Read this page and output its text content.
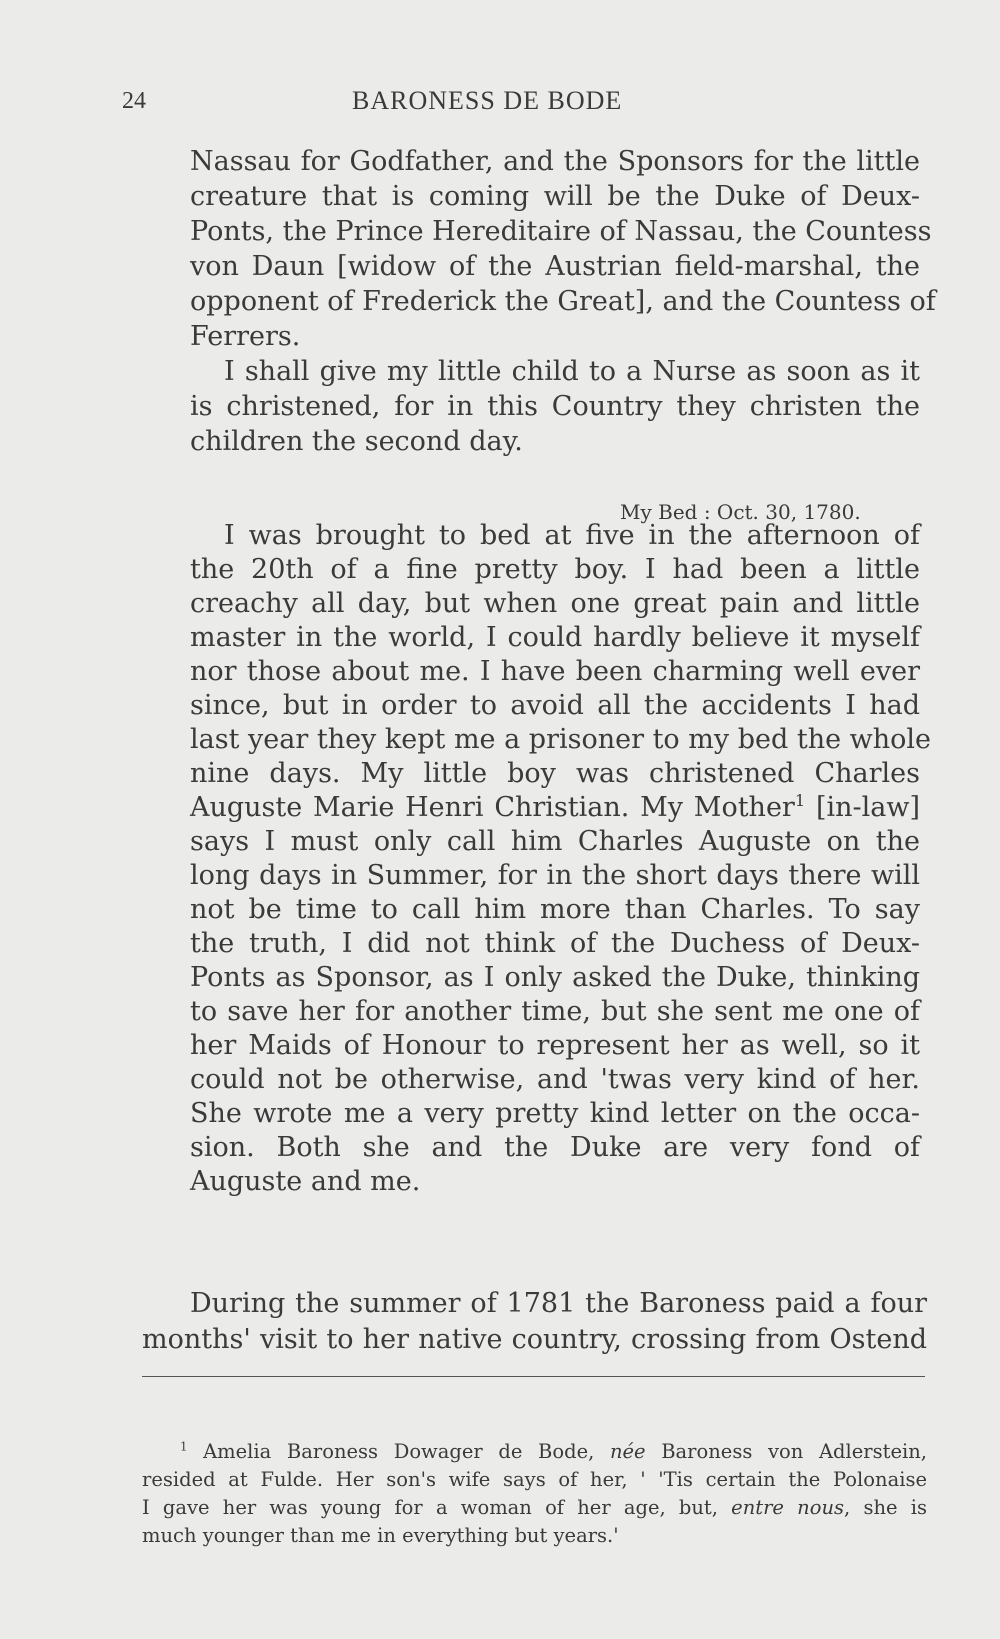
24	BARONESS DE BODE
Nassau for Godfather, and the Sponsors for the little
creature that is coming will be the Duke of Deux-
Ponts, the Prince Hereditaire of Nassau, the Countess
von Daun [widow of the Austrian field-marshal, the
opponent of Frederick the Great], and the Countess of
Ferrers.
I shall give my little child to a Nurse as soon as it
is christened, for in this Country they christen the
children the second day.
My Bed : Oct. 30, 1780.
I was brought to bed at five in the afternoon of
the 20th of a fine pretty boy. I had been a little
creachy all day, but when one great pain and little
master in the world, I could hardly believe it myself
nor those about me. I have been charming well ever
since, but in order to avoid all the accidents I had
last year they kept me a prisoner to my bed the whole
nine days. My little boy was christened Charles
Auguste Marie Henri Christian. My Mother$^1$ [in-law]
says I must only call him Charles Auguste on the
long days in Summer, for in the short days there will
not be time to call him more than Charles. To say
the truth, I did not think of the Duchess of Deux-
Ponts as Sponsor, as I only asked the Duke, thinking
to save her for another time, but she sent me one of
her Maids of Honour to represent her as well, so it
could not be otherwise, and 'twas very kind of her.
She wrote me a very pretty kind letter on the occa-
sion. Both she and the Duke are very fond of
Auguste and me.
During the summer of 1781 the Baroness paid a four
months' visit to her native country, crossing from Ostend
$^1$ Amelia Baroness Dowager de Bode, née Baroness von Adlerstein,
resided at Fulde. Her son's wife says of her, ' 'Tis certain the Polonaise
I gave her was young for a woman of her age, but, entre nous, she is
much younger than me in everything but years.'
